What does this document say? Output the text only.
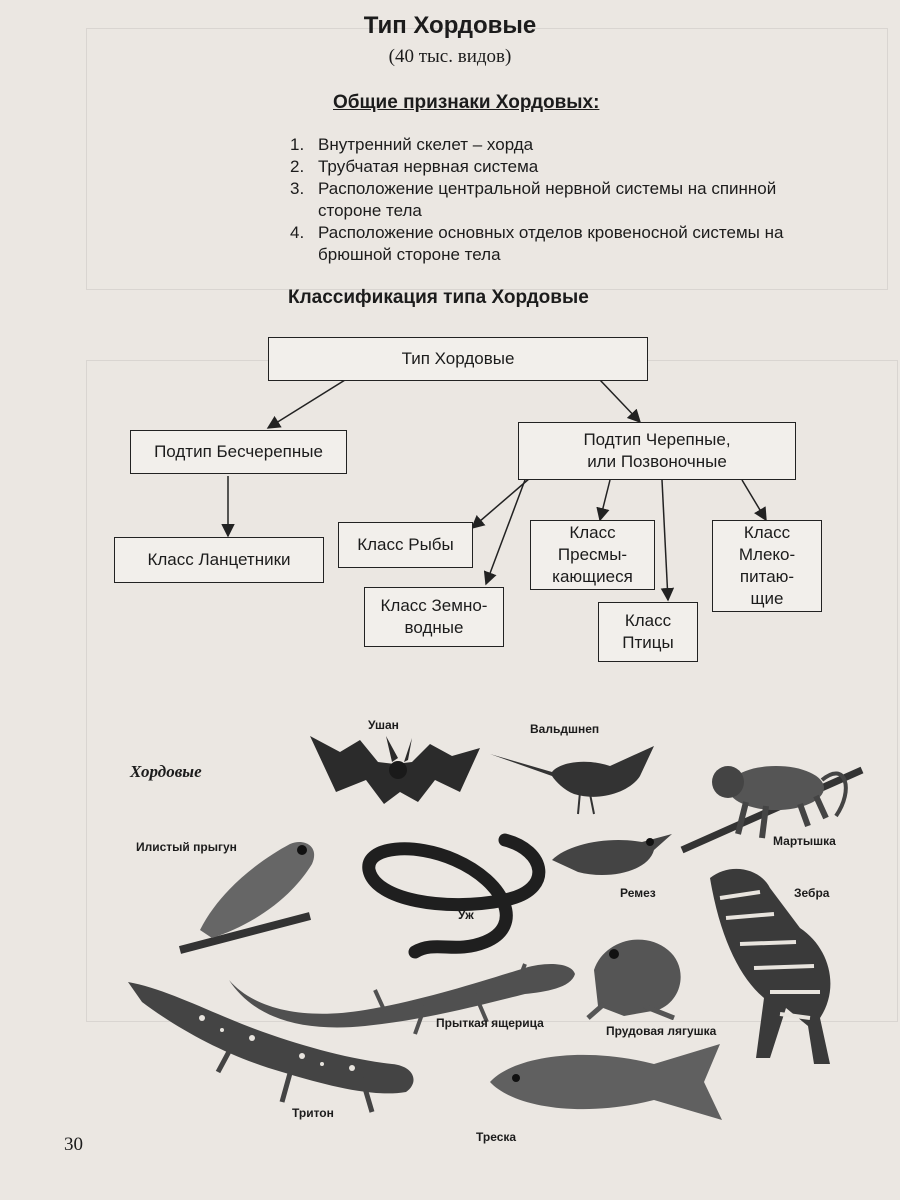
Тип Хордовые
(40 тыс. видов)
Общие признаки Хордовых:
1. Внутренний скелет – хорда
2. Трубчатая нервная система
3. Расположение центральной нервной системы на спинной стороне тела
4. Расположение основных отделов кровеносной системы на брюшной стороне тела
Классификация типа Хордовые
Тип Хордовые
Подтип Бесчерепные
Подтип Черепные,
или Позвоночные
Класс Ланцетники
Класс Рыбы
Класс Земно-
водные
Класс
Пресмы-
кающиеся
Класс
Птицы
Класс
Млеко-
питаю-
щие
Хордовые
Ушан	Вальдшнеп
Мартышка
Илистый прыгун
Уж
Ремез	Зебра
Прудовая лягушка
Прыткая ящерица
Тритон
Треска
30
